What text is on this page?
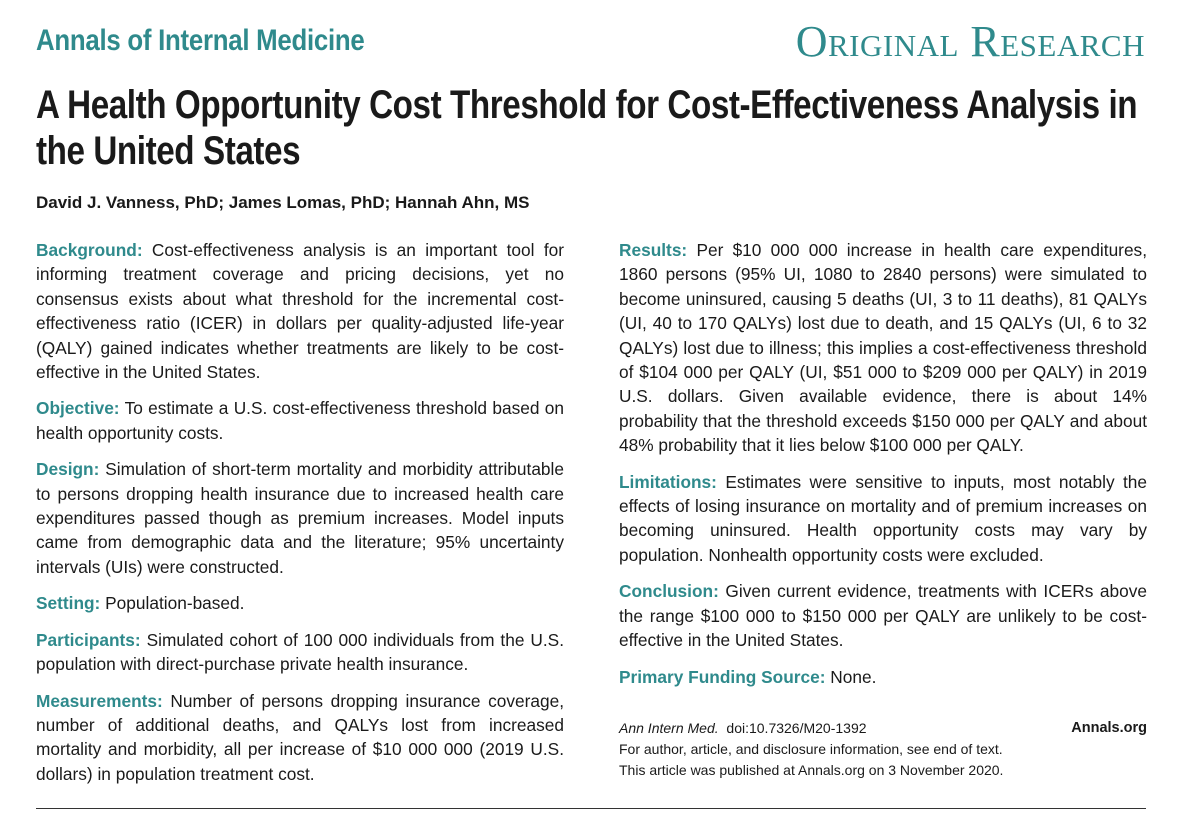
Annals of Internal Medicine	Original Research
A Health Opportunity Cost Threshold for Cost-Effectiveness Analysis in the United States
David J. Vanness, PhD; James Lomas, PhD; Hannah Ahn, MS

Background: Cost-effectiveness analysis is an important tool for informing treatment coverage and pricing decisions, yet no consensus exists about what threshold for the incremental cost-effectiveness ratio (ICER) in dollars per quality-adjusted life-year (QALY) gained indicates whether treatments are likely to be cost-effective in the United States.

Objective: To estimate a U.S. cost-effectiveness threshold based on health opportunity costs.

Design: Simulation of short-term mortality and morbidity attributable to persons dropping health insurance due to increased health care expenditures passed though as premium increases. Model inputs came from demographic data and the literature; 95% uncertainty intervals (UIs) were constructed.

Setting: Population-based.

Participants: Simulated cohort of 100 000 individuals from the U.S. population with direct-purchase private health insurance.

Measurements: Number of persons dropping insurance coverage, number of additional deaths, and QALYs lost from increased mortality and morbidity, all per increase of $10 000 000 (2019 U.S. dollars) in population treatment cost.

Results: Per $10 000 000 increase in health care expenditures, 1860 persons (95% UI, 1080 to 2840 persons) were simulated to become uninsured, causing 5 deaths (UI, 3 to 11 deaths), 81 QALYs (UI, 40 to 170 QALYs) lost due to death, and 15 QALYs (UI, 6 to 32 QALYs) lost due to illness; this implies a cost-effectiveness threshold of $104 000 per QALY (UI, $51 000 to $209 000 per QALY) in 2019 U.S. dollars. Given available evidence, there is about 14% probability that the threshold exceeds $150 000 per QALY and about 48% probability that it lies below $100 000 per QALY.

Limitations: Estimates were sensitive to inputs, most notably the effects of losing insurance on mortality and of premium increases on becoming uninsured. Health opportunity costs may vary by population. Nonhealth opportunity costs were excluded.

Conclusion: Given current evidence, treatments with ICERs above the range $100 000 to $150 000 per QALY are unlikely to be cost-effective in the United States.

Primary Funding Source: None.

Ann Intern Med. doi:10.7326/M20-1392	Annals.org
For author, article, and disclosure information, see end of text.
This article was published at Annals.org on 3 November 2020.
